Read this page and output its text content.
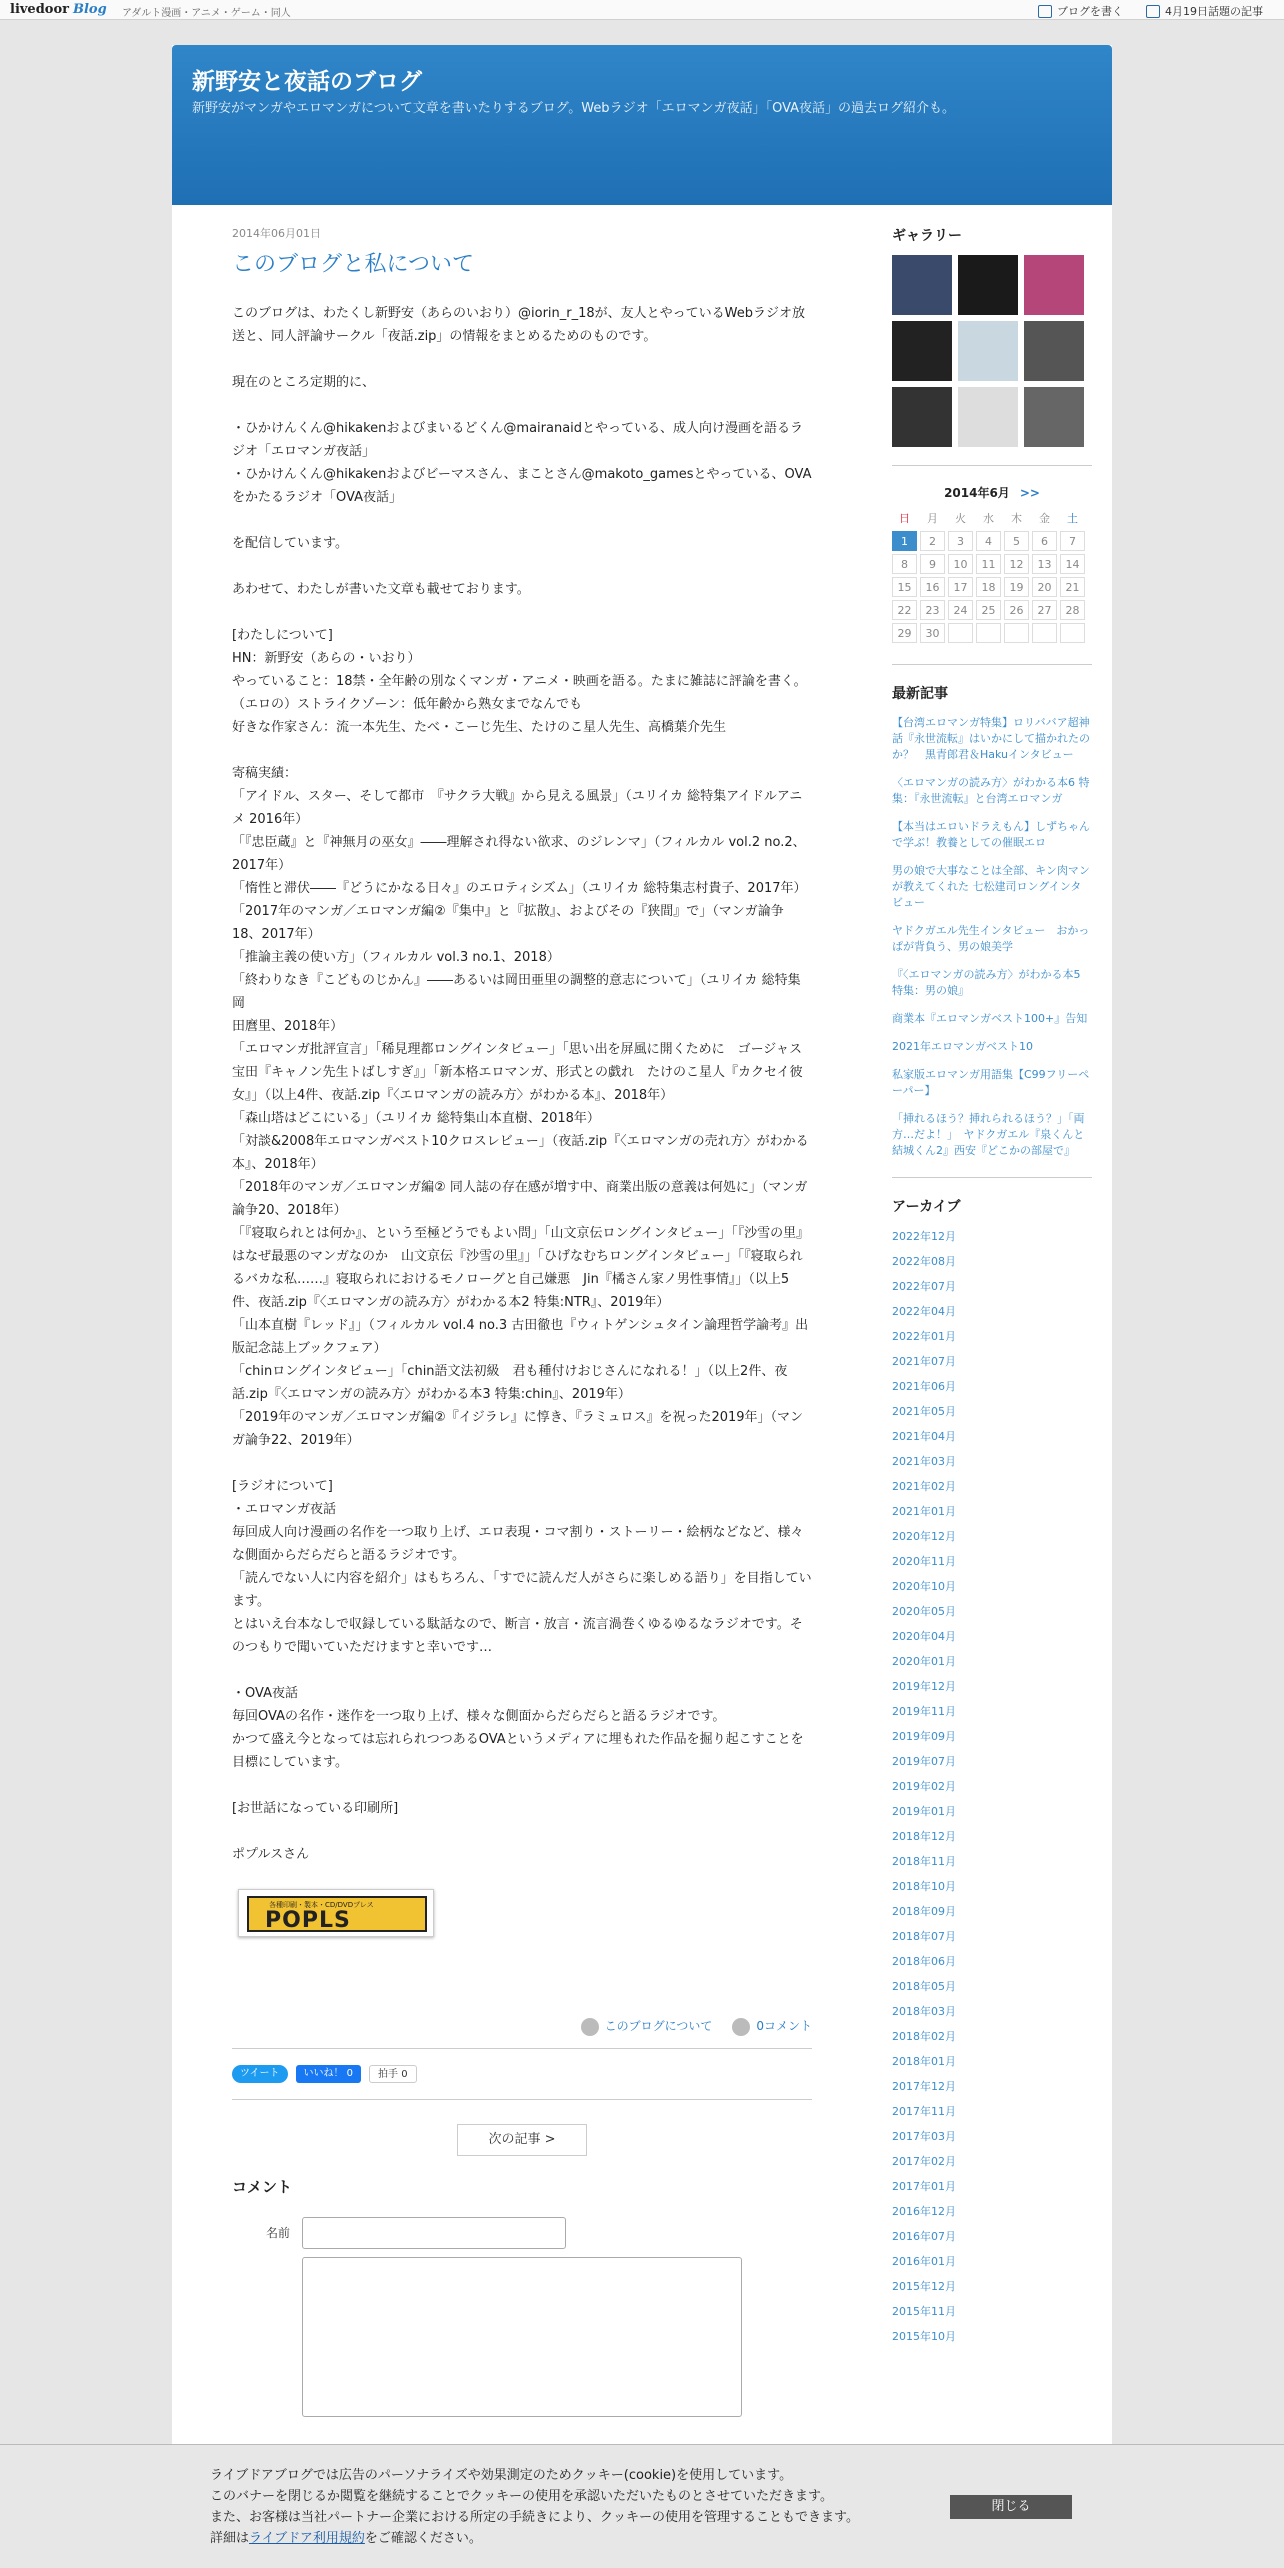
livedoor Blog アダルト漫画・アニメ・ゲーム・同人	ブログを書く	4月19日話題の記事
新野安と夜話のブログ

新野安がマンガやエロマンガについて文章を書いたりするブログ。Webラジオ「エロマンガ夜話」「OVA夜話」の過去ログ紹介も。

2014年06月01日
このブログと私について
このブログは、わたくし新野安（あらのいおり）@iorin_r_18が、友人とやっているWebラジオ放送と、同人評論サークル「夜話.zip」の情報をまとめるためのものです。
現在のところ定期的に、
・ひかけんくん@hikakenおよびまいるどくん@mairanaidとやっている、成人向け漫画を語るラジオ「エロマンガ夜話」
・ひかけんくん@hikakenおよびビーマスさん、まことさん@makoto_gamesとやっている、OVAをかたるラジオ「OVA夜話」
を配信しています。
あわせて、わたしが書いた文章も載せております。
[わたしについて]
HN：新野安（あらの・いおり）
やっていること：18禁・全年齢の別なくマンガ・アニメ・映画を語る。たまに雑誌に評論を書く。
（エロの）ストライクゾーン：低年齢から熟女までなんでも
好きな作家さん：流一本先生、たべ・こーじ先生、たけのこ星人先生、高橋葉介先生
寄稿実績：
「アイドル、スター、そして都市　『サクラ大戦』から見える風景」（ユリイカ 総特集アイドルアニメ 2016年）
「『忠臣蔵』と『神無月の巫女』――理解され得ない欲求、のジレンマ」（フィルカル vol.2 no.2、2017年）
「惰性と滞伏――『どうにかなる日々』のエロティシズム」（ユリイカ 総特集志村貴子、2017年）
「2017年のマンガ／エロマンガ編②『集中』と『拡散』、およびその『狭間』で」（マンガ論争18、2017年）
「推論主義の使い方」（フィルカル vol.3 no.1、2018）
「終わりなき『こどものじかん』――あるいは岡田亜里の調整的意志について」（ユリイカ 総特集岡
田麿里、2018年）
「エロマンガ批評宣言」「稀見理都ロングインタビュー」「思い出を屏風に開くために　ゴージャス宝田『キャノン先生トばしすぎ』」「新本格エロマンガ、形式との戯れ　たけのこ星人『カクセイ彼女』」（以上4件、夜話.zip『〈エロマンガの読み方〉がわかる本』、2018年）
「森山塔はどこにいる」（ユリイカ 総特集山本直樹、2018年）
「対談&2008年エロマンガベスト10クロスレビュー」（夜話.zip『〈エロマンガの売れ方〉がわかる本』、2018年）
「2018年のマンガ／エロマンガ編② 同人誌の存在感が増す中、商業出版の意義は何処に」（マンガ論争20、2018年）
「『寝取られとは何か』、という至極どうでもよい問」「山文京伝ロングインタビュー」「『沙雪の里』はなぜ最悪のマンガなのか　山文京伝『沙雪の里』」「ひげなむちロングインタビュー」「『寝取られるバカな私……』寝取られにおけるモノローグと自己嫌悪　Jin『橘さん家ノ男性事情』」（以上5件、夜話.zip『〈エロマンガの読み方〉がわかる本2 特集:NTR』、2019年）
「山本直樹『レッド』」（フィルカル vol.4 no.3 古田徹也『ウィトゲンシュタイン論理哲学論考』出版記念誌上ブックフェア）
「chinロングインタビュー」「chin語文法初級　君も種付けおじさんになれる！」（以上2件、夜話.zip『〈エロマンガの読み方〉がわかる本3 特集:chin』、2019年）
「2019年のマンガ／エロマンガ編②『イジラレ』に惇き、『ラミュロス』を祝った2019年」（マンガ論争22、2019年）
[ラジオについて]
・エロマンガ夜話
毎回成人向け漫画の名作を一つ取り上げ、エロ表現・コマ割り・ストーリー・絵柄などなど、様々な側面からだらだらと語るラジオです。
「読んでない人に内容を紹介」はもちろん、「すでに読んだ人がさらに楽しめる語り」を目指しています。
とはいえ台本なしで収録している駄話なので、断言・放言・流言渦巻くゆるゆるなラジオです。そのつもりで聞いていただけますと幸いです…
・OVA夜話
毎回OVAの名作・迷作を一つ取り上げ、様々な側面からだらだらと語るラジオです。
かつて盛え今となっては忘れられつつあるOVAというメディアに埋もれた作品を掘り起こすことを目標にしています。
[お世話になっている印刷所]
ポプルスさん
各種印刷・製本・CD/DVDプレス
POPLS
このブログについて	0コメント
ツイート	いいね！ 0	拍手 0
次の記事 >
コメント
名前
ギャラリー
2014年6月 >>
日	月	火	水	木	金	土
1	2	3	4	5	6	7
8	9	10	11	12	13	14
15	16	17	18	19	20	21
22	23	24	25	26	27	28
29	30					
最新記事
【台湾エロマンガ特集】ロリババア超神話『永世流転』はいかにして描かれたのか？　黒青郎君＆Hakuインタビュー
〈エロマンガの読み方〉がわかる本6 特集：『永世流転』と台湾エロマンガ
【本当はエロいドラえもん】しずちゃんで学ぶ！教養としての催眠エロ
男の娘で大事なことは全部、キン肉マンが教えてくれた 七松建司ロングインタビュー
ヤドクガエル先生インタビュー　おかっぱが背負う、男の娘美学
『〈エロマンガの読み方〉がわかる本5 特集：男の娘』
商業本『エロマンガベスト100+』告知
2021年エロマンガベスト10
私家版エロマンガ用語集【C99フリーペーパー】
「挿れるほう？挿れられるほう？」「両方…だよ！」　ヤドクガエル『泉くんと結城くん2』西安『どこかの部屋で』
アーカイブ
2022年12月
2022年08月
2022年07月
2022年04月
2022年01月
2021年07月
2021年06月
2021年05月
2021年04月
2021年03月
2021年02月
2021年01月
2020年12月
2020年11月
2020年10月
2020年05月
2020年04月
2020年01月
2019年12月
2019年11月
2019年09月
2019年07月
2019年02月
2019年01月
2018年12月
2018年11月
2018年10月
2018年09月
2018年07月
2018年06月
2018年05月
2018年03月
2018年02月
2018年01月
2017年12月
2017年11月
2017年03月
2017年02月
2017年01月
2016年12月
2016年07月
2016年01月
2015年12月
2015年11月
2015年10月
ライブドアブログでは広告のパーソナライズや効果測定のためクッキー(cookie)を使用しています。
このバナーを閉じるか閲覧を継続することでクッキーの使用を承認いただいたものとさせていただきます。
また、お客様は当社パートナー企業における所定の手続きにより、クッキーの使用を管理することもできます。
詳細はライブドア利用規約をご確認ください。
閉じる
